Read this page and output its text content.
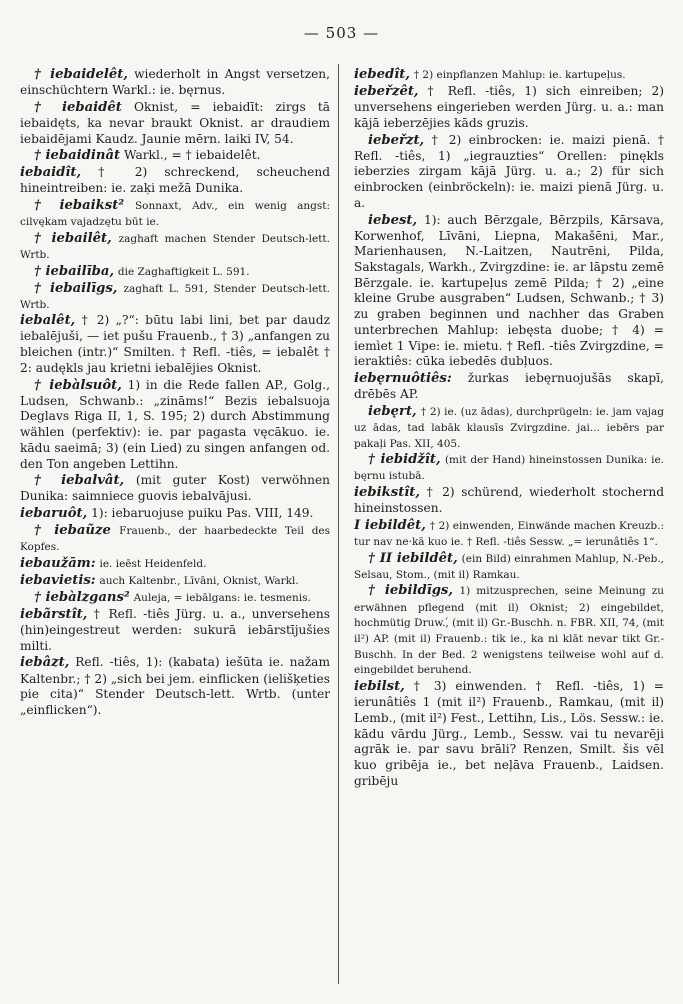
— 503 —

† iebaidelêt, wiederholt in Angst versetzen, einschüchtern Warkl.: ie. bęrnus.

† iebaidêt Oknist, = iebaidīt: zirgs tā iebaidęts, ka nevar braukt Oknist. ar draudiem iebaidējami Kaudz. Jaunie mērn. laiki IV, 54.

† iebaidinât Warkl., = † iebaidelêt.

iebaidît, † 2) schreckend, scheuchend hineintreiben: ie. zaķi mežā Dunika.

† iebaikst² Sonnaxt, Adv., ein wenig angst: cilvękam vajadzętu būt ie.

† iebailêt, zaghaft machen Stender Deutsch-lett. Wrtb.

† iebailība, die Zaghaftigkeit L. 591.

† iebailīgs, zaghaft L. 591, Stender Deutsch-lett. Wrtb.

iebalêt, † 2) „?“: būtu labi lini, bet par daudz iebalējuši, — iet pušu Frauenb., † 3) „anfangen zu bleichen (intr.)“ Smilten. † Refl. -tiês, = iebalêt † 2: audękls jau krietni iebalējies Oknist.

† iebàlsuôt, 1) in die Rede fallen AP., Golg., Ludsen, Schwanb.: „zināms!“ Bezis iebalsuoja Deglavs Riga II, 1, S. 195; 2) durch Abstimmung wählen (perfektiv): ie. par pagasta vęcākuo. ie. kādu saeimā; 3) (ein Lied) zu singen anfangen od. den Ton angeben Lettihn.

† iebalvât, (mit guter Kost) verwöhnen Dunika: saimniece guovis iebalvājusi.

iebaruôt, 1): iebaruojuse puiku Pas. VIII, 149.

† iebaũze Frauenb., der haarbedeckte Teil des Kopfes.

iebaužām: ie. ieēst Heidenfeld.

iebavietis: auch Kaltenbr., Līvāni, Oknist, Warkl.

† iebàlzgans² Auleja, = iebālgans: ie. tesmenis.

iebãrstît, † Refl. -tiês Jürg. u. a., unversehens (hin)eingestreut werden: sukurā iebārstījušies milti.

iebâzt, Refl. -tiês, 1): (kabata) iešūta ie. nažam Kaltenbr.; † 2) „sich bei jem. einflicken (ielišķeties pie cita)“ Stender Deutsch-lett. Wrtb. (unter „einflicken“).

iebedît, † 2) einpflanzen Mahlup: ie. kartupeļus.

iebeřzêt, † Refl. -tiês, 1) sich einreiben; 2) unversehens eingerieben werden Jürg. u. a.: man kājā ieberzējies kāds gruzis.

iebeřzt, † 2) einbrocken: ie. maizi pienā. † Refl. -tiês, 1) „iegrauzties“ Orellen: pinękls ieberzies zirgam kājā Jürg. u. a.; 2) für sich einbrocken (einbröckeln): ie. maizi pienā Jürg. u. a.

iebest, 1): auch Bērzgale, Bērzpils, Kārsava, Korwenhof, Līvāni, Liepna, Makašēni, Mar., Marienhausen, N.-Laitzen, Nautrēni, Pilda, Sakstagals, Warkh., Zvirgzdine: ie. ar lāpstu zemē Bērzgale. ie. kartupeļus zemē Pilda; † 2) „eine kleine Grube ausgraben“ Ludsen, Schwanb.; † 3) zu graben beginnen und nachher das Graben unterbrechen Mahlup: iebęsta duobe; † 4) = iemìet 1 Vipe: ie. mietu. † Refl. -tiês Zvirgzdine, = ieraktiês: cūka iebedēs dubļuos.

iebęrnuôtiês: žurkas iebęrnuojušās skapī, drēbēs AP.

iebęrt, † 2) ie. (uz ādas), durchprügeln: ie. jam vajag uz ādas, tad labāk klausīs Zvirgzdine. jai... iebērs par pakaļi Pas. XII, 405.

† iebidžît, (mit der Hand) hineinstossen Dunika: ie. bęrnu istubā.

iebikstît, † 2) schürend, wiederholt stochernd hineinstossen.

I iebildêt, † 2) einwenden, Einwände machen Kreuzb.: tur nav ne·kā kuo ie. † Refl. -tiês Sessw. „= ierunâtiês 1“.

† II iebildêt, (ein Bild) einrahmen Mahlup, N.-Peb., Selsau, Stom., (mit il) Ramkau.

† iebildīgs, 1) mitzusprechen, seine Meinung zu erwähnen pflegend (mit il) Oknist; 2) eingebildet, hochmütig Druw.,́ (mit il) Gr.-Buschh. n. FBR. XII, 74, (mit il²) AP. (mit il) Frauenb.: tik ie., ka ni klāt nevar tikt Gr.-Buschh. In der Bed. 2 wenigstens teilweise wohl auf d. eingebildet beruhend.

iebilst, † 3) einwenden. † Refl. -tiês, 1) = ierunâtiês 1 (mit il²) Frauenb., Ramkau, (mit il) Lemb., (mit il²) Fest., Lettihn, Lis., Lös. Sessw.: ie. kādu vārdu Jürg., Lemb., Sessw. vai tu nevarēji agrāk ie. par savu brāli? Renzen, Smilt. šis vēl kuo gribēja ie., bet neļāva Frauenb., Laidsen. gribēju
